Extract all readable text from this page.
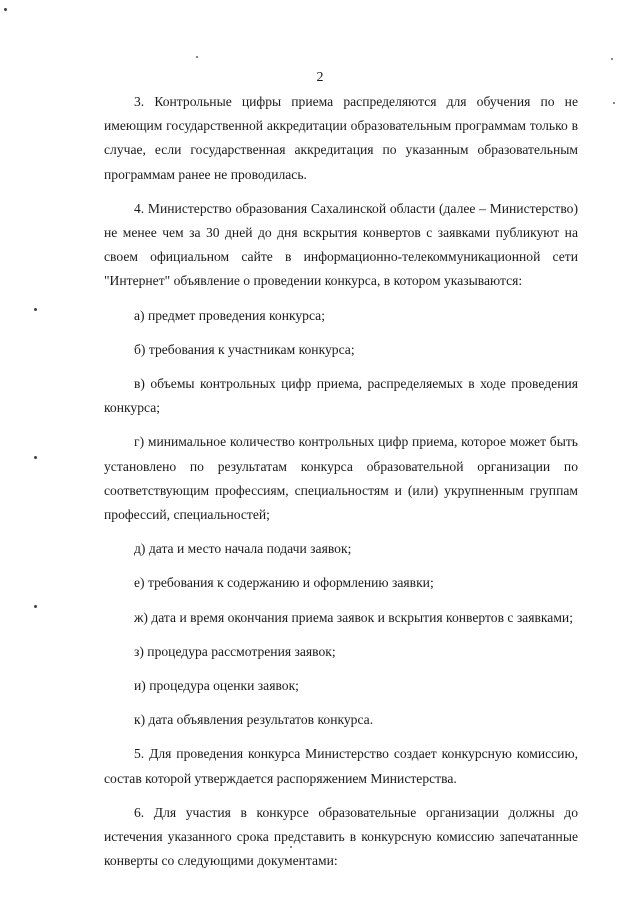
2

3. Контрольные цифры приема распределяются для обучения по не имеющим государственной аккредитации образовательным программам только в случае, если государственная аккредитация по указанным образовательным программам ранее не проводилась.

4. Министерство образования Сахалинской области (далее – Министерство) не менее чем за 30 дней до дня вскрытия конвертов с заявками публикуют на своем официальном сайте в информационно-телекоммуникационной сети "Интернет" объявление о проведении конкурса, в котором указываются:

а) предмет проведения конкурса;

б) требования к участникам конкурса;

в) объемы контрольных цифр приема, распределяемых в ходе проведения конкурса;

г) минимальное количество контрольных цифр приема, которое может быть установлено по результатам конкурса образовательной организации по соответствующим профессиям, специальностям и (или) укрупненным группам профессий, специальностей;

д) дата и место начала подачи заявок;

е) требования к содержанию и оформлению заявки;

ж) дата и время окончания приема заявок и вскрытия конвертов с заявками;

з) процедура рассмотрения заявок;

и) процедура оценки заявок;

к) дата объявления результатов конкурса.

5. Для проведения конкурса Министерство создает конкурсную комиссию, состав которой утверждается распоряжением Министерства.

6. Для участия в конкурсе образовательные организации должны до истечения указанного срока представить в конкурсную комиссию запечатанные конверты со следующими документами:
